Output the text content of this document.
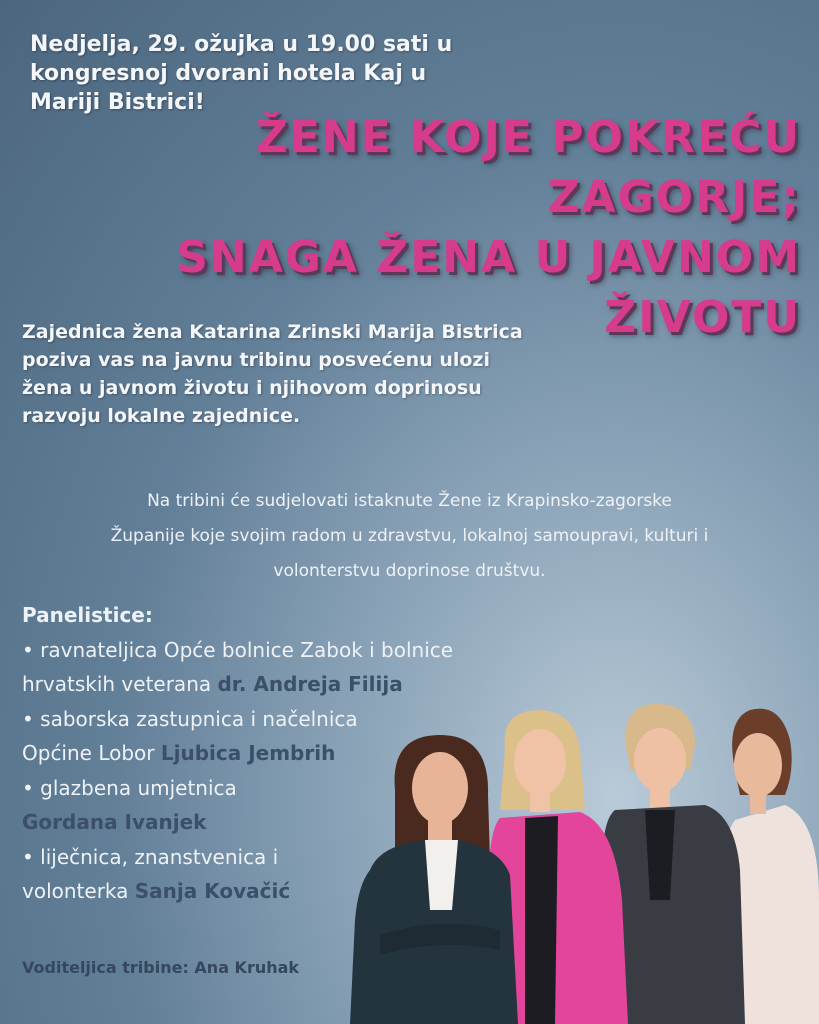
Nedjelja, 29. ožujka u 19.00 sati u
kongresnoj dvorani hotela Kaj u
Mariji Bistrici!
ŽENE KOJE POKREĆU
ZAGORJE;
SNAGA ŽENA U JAVNOM
ŽIVOTU
Zajednica žena Katarina Zrinski Marija Bistrica
poziva vas na javnu tribinu posvećenu ulozi
žena u javnom životu i njihovom doprinosu
razvoju lokalne zajednice.
Na tribini će sudjelovati istaknute Žene iz Krapinsko-zagorske
Županije koje svojim radom u zdravstvu, lokalnoj samoupravi, kulturi i
volonterstvu doprinose društvu.
Panelistice:
• ravnateljica Opće bolnice Zabok i bolnice
hrvatskih veterana dr. Andreja Filija
• saborska zastupnica i načelnica
Općine Lobor Ljubica Jembrih
• glazbena umjetnica
Gordana Ivanjek
• liječnica, znanstvenica i
volonterka Sanja Kovačić
Voditeljica tribine: Ana Kruhak
